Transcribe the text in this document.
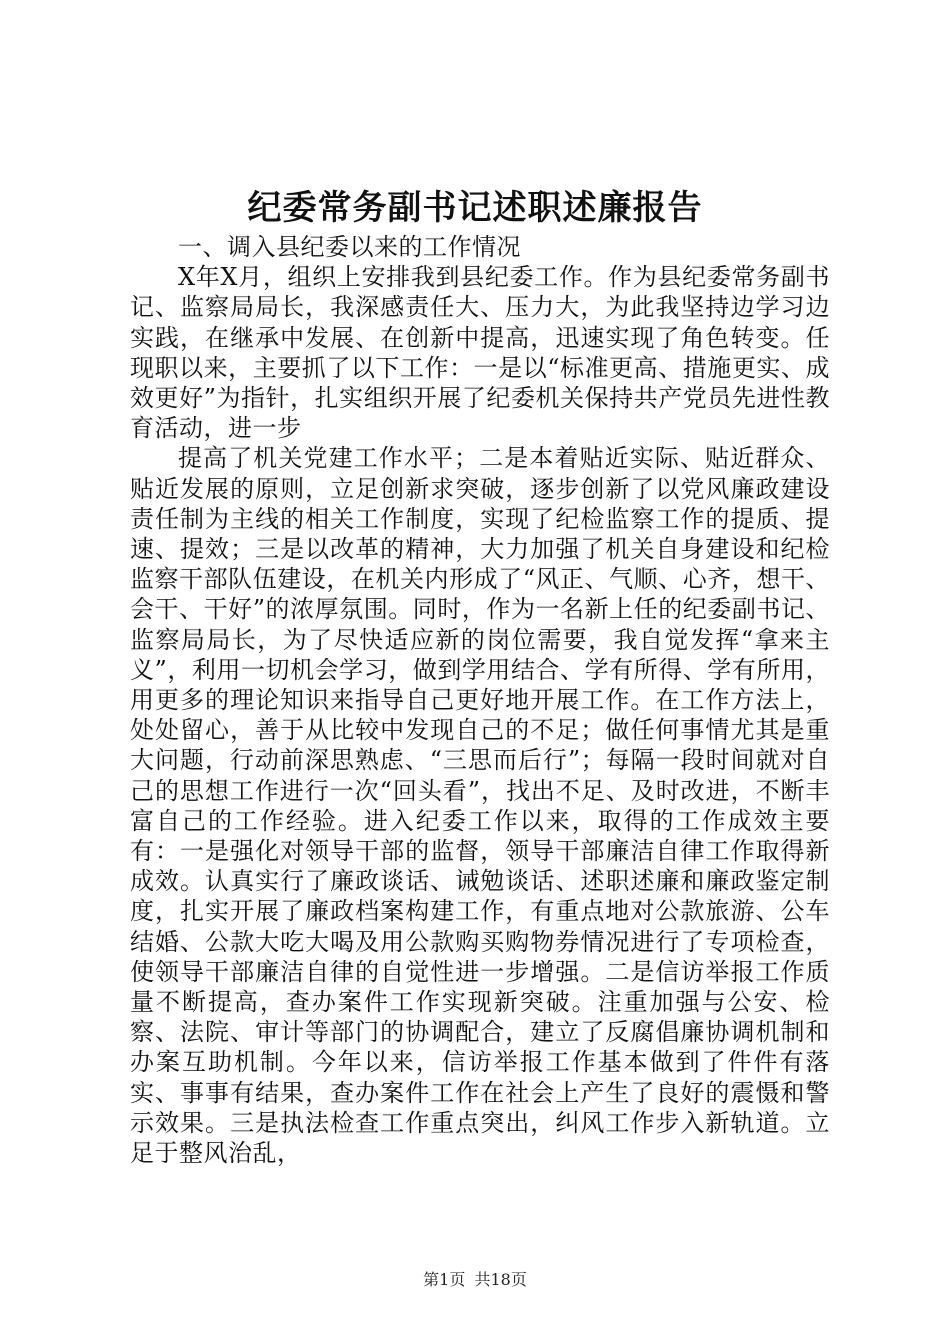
纪委常务副书记述职述廉报告

一、调入县纪委以来的工作情况

X年X月，组织上安排我到县纪委工作。作为县纪委常务副书记、监察局局长，我深感责任大、压力大，为此我坚持边学习边实践，在继承中发展、在创新中提高，迅速实现了角色转变。任现职以来，主要抓了以下工作：一是以“标准更高、措施更实、成效更好”为指针，扎实组织开展了纪委机关保持共产党员先进性教育活动，进一步

提高了机关党建工作水平；二是本着贴近实际、贴近群众、贴近发展的原则，立足创新求突破，逐步创新了以党风廉政建设责任制为主线的相关工作制度，实现了纪检监察工作的提质、提速、提效；三是以改革的精神，大力加强了机关自身建设和纪检监察干部队伍建设，在机关内形成了“风正、气顺、心齐，想干、会干、干好”的浓厚氛围。同时，作为一名新上任的纪委副书记、监察局局长，为了尽快适应新的岗位需要，我自觉发挥“拿来主义”，利用一切机会学习，做到学用结合、学有所得、学有所用，用更多的理论知识来指导自己更好地开展工作。在工作方法上，处处留心，善于从比较中发现自己的不足；做任何事情尤其是重大问题，行动前深思熟虑、“三思而后行”；每隔一段时间就对自己的思想工作进行一次“回头看”，找出不足、及时改进，不断丰富自己的工作经验。进入纪委工作以来，取得的工作成效主要有：一是强化对领导干部的监督，领导干部廉洁自律工作取得新成效。认真实行了廉政谈话、诫勉谈话、述职述廉和廉政鉴定制度，扎实开展了廉政档案构建工作，有重点地对公款旅游、公车结婚、公款大吃大喝及用公款购买购物券情况进行了专项检查，使领导干部廉洁自律的自觉性进一步增强。二是信访举报工作质量不断提高，查办案件工作实现新突破。注重加强与公安、检察、法院、审计等部门的协调配合，建立了反腐倡廉协调机制和办案互助机制。今年以来，信访举报工作基本做到了件件有落实、事事有结果，查办案件工作在社会上产生了良好的震慑和警示效果。三是执法检查工作重点突出，纠风工作步入新轨道。立足于整风治乱，

第1页 共18页
